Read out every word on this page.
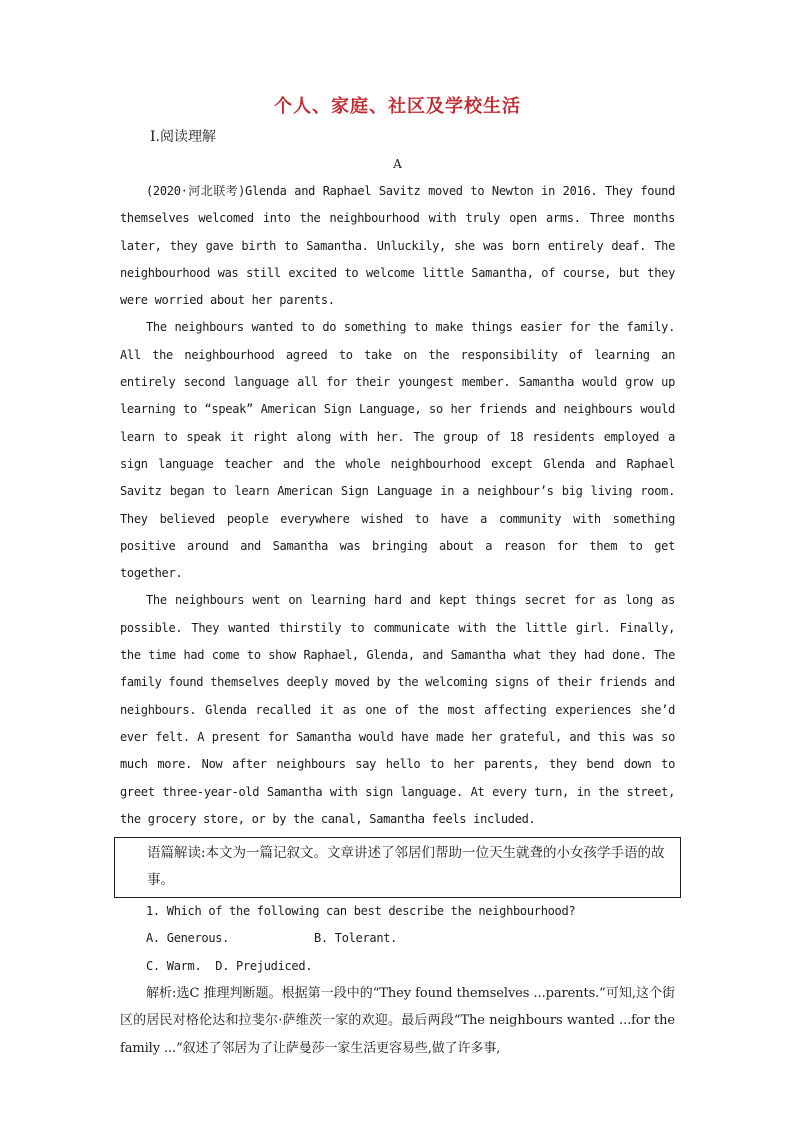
个人、家庭、社区及学校生活
Ⅰ.阅读理解
A

(2020·河北联考)Glenda and Raphael Savitz moved to Newton in 2016. They found themselves welcomed into the neighbourhood with truly open arms. Three months later, they gave birth to Samantha. Unluckily, she was born entirely deaf. The neighbourhood was still excited to welcome little Samantha, of course, but they were worried about her parents.

The neighbours wanted to do something to make things easier for the family. All the neighbourhood agreed to take on the responsibility of learning an entirely second language all for their youngest member. Samantha would grow up learning to “speak” American Sign Language, so her friends and neighbours would learn to speak it right along with her. The group of 18 residents employed a sign language teacher and the whole neighbourhood except Glenda and Raphael Savitz began to learn American Sign Language in a neighbour’s big living room. They believed people everywhere wished to have a community with something positive around and Samantha was bringing about a reason for them to get together.

The neighbours went on learning hard and kept things secret for as long as possible. They wanted thirstily to communicate with the little girl. Finally, the time had come to show Raphael, Glenda, and Samantha what they had done. The family found themselves deeply moved by the welcoming signs of their friends and neighbours. Glenda recalled it as one of the most affecting experiences she’d ever felt. A present for Samantha would have made her grateful, and this was so much more. Now after neighbours say hello to her parents, they bend down to greet three-year-old Samantha with sign language. At every turn, in the street, the grocery store, or by the canal, Samantha feels included.

语篇解读:本文为一篇记叙文。文章讲述了邻居们帮助一位天生就聋的小女孩学手语的故事。

1. Which of the following can best describe the neighbourhood?

A. Generous.	B. Tolerant.
C. Warm. D. Prejudiced.

解析:选C 推理判断题。根据第一段中的“They found themselves ...parents.”可知,这个街区的居民对格伦达和拉斐尔·萨维茨一家的欢迎。最后两段“The neighbours wanted ...for the family ...”叙述了邻居为了让萨曼莎一家生活更容易些,做了许多事,
